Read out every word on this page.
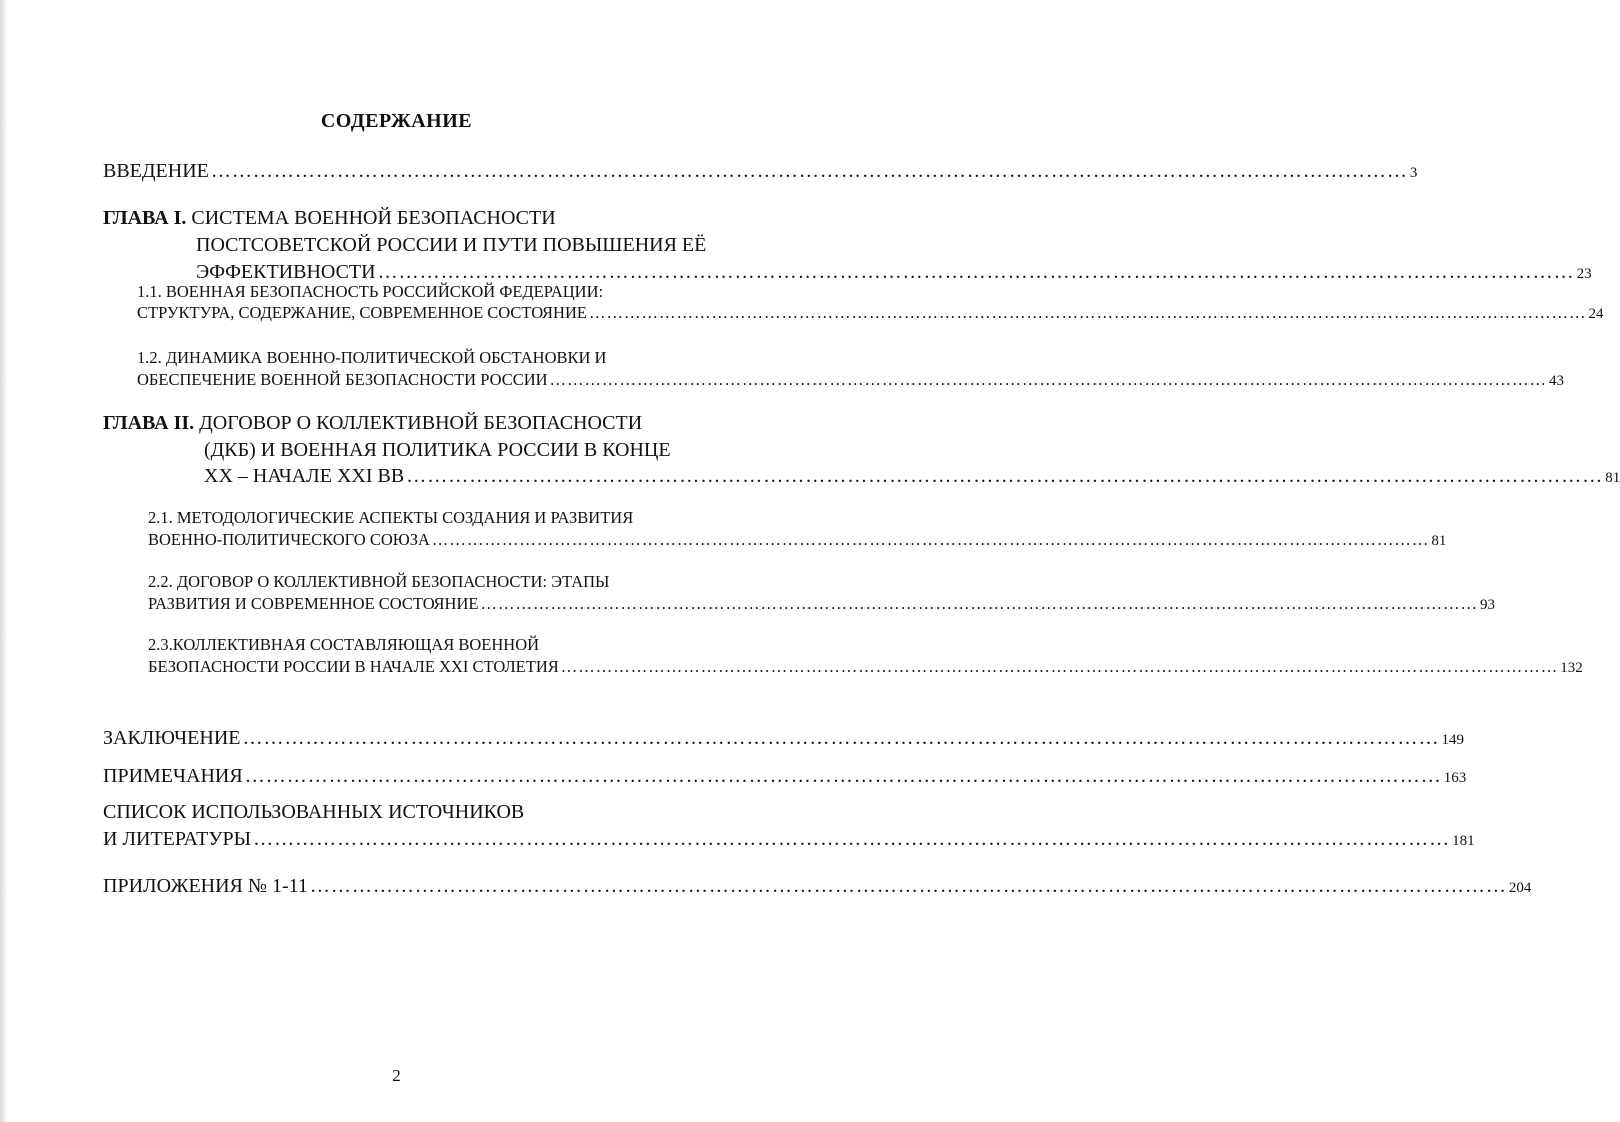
СОДЕРЖАНИЕ
ВВЕДЕНИЕ ……………………………………………………………………………………………………………………………………………………… 3
ГЛАВА I. СИСТЕМА ВОЕННОЙ БЕЗОПАСНОСТИ
ПОСТСОВЕТСКОЙ РОССИИ И ПУТИ ПОВЫШЕНИЯ ЕЁ
ЭФФЕКТИВНОСТИ ……………………………………………………………………………………………………………………………………………………… 23
1.1. ВОЕННАЯ БЕЗОПАСНОСТЬ РОССИЙСКОЙ ФЕДЕРАЦИИ:
СТРУКТУРА, СОДЕРЖАНИЕ, СОВРЕМЕННОЕ СОСТОЯНИЕ ……………………………………………………………………………………………………………………………………………………… 24
1.2. ДИНАМИКА ВОЕННО-ПОЛИТИЧЕСКОЙ ОБСТАНОВКИ И
ОБЕСПЕЧЕНИЕ ВОЕННОЙ БЕЗОПАСНОСТИ РОССИИ ……………………………………………………………………………………………………………………………………………………… 43
ГЛАВА II. ДОГОВОР О КОЛЛЕКТИВНОЙ БЕЗОПАСНОСТИ
(ДКБ) И ВОЕННАЯ ПОЛИТИКА РОССИИ В КОНЦЕ
XX – НАЧАЛЕ XXI ВВ ……………………………………………………………………………………………………………………………………………………… 81
2.1. МЕТОДОЛОГИЧЕСКИЕ АСПЕКТЫ СОЗДАНИЯ И РАЗВИТИЯ
ВОЕННО-ПОЛИТИЧЕСКОГО СОЮЗА ……………………………………………………………………………………………………………………………………………………… 81
2.2. ДОГОВОР О КОЛЛЕКТИВНОЙ БЕЗОПАСНОСТИ: ЭТАПЫ
РАЗВИТИЯ И СОВРЕМЕННОЕ СОСТОЯНИЕ ……………………………………………………………………………………………………………………………………………………… 93
2.3.КОЛЛЕКТИВНАЯ СОСТАВЛЯЮЩАЯ ВОЕННОЙ
БЕЗОПАСНОСТИ РОССИИ В НАЧАЛЕ XXI СТОЛЕТИЯ ……………………………………………………………………………………………………………………………………………………… 132
ЗАКЛЮЧЕНИЕ ……………………………………………………………………………………………………………………………………………………… 149
ПРИМЕЧАНИЯ ……………………………………………………………………………………………………………………………………………………… 163
СПИСОК ИСПОЛЬЗОВАННЫХ ИСТОЧНИКОВ
И ЛИТЕРАТУРЫ ……………………………………………………………………………………………………………………………………………………… 181
ПРИЛОЖЕНИЯ № 1-11 ……………………………………………………………………………………………………………………………………………………… 204
2
